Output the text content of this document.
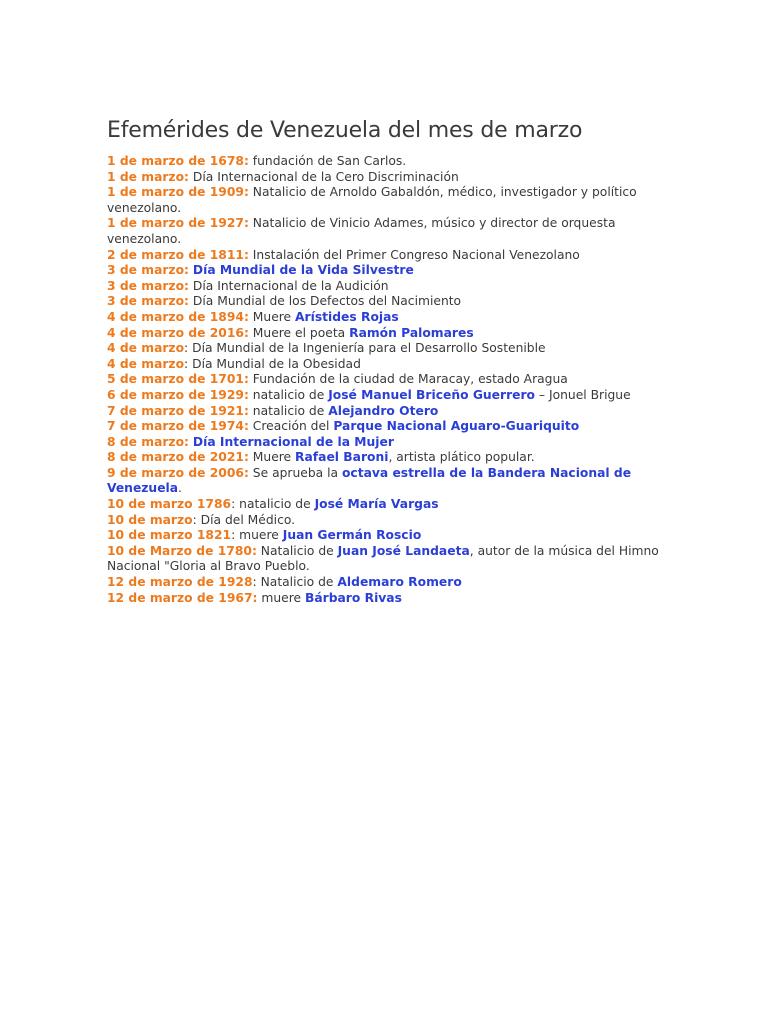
Efemérides de Venezuela del mes de marzo
1 de marzo de 1678: fundación de San Carlos.
1 de marzo: Día Internacional de la Cero Discriminación
1 de marzo de 1909: Natalicio de Arnoldo Gabaldón, médico, investigador y político venezolano.
1 de marzo de 1927: Natalicio de Vinicio Adames, músico y director de orquesta venezolano.
2 de marzo de 1811: Instalación del Primer Congreso Nacional Venezolano
3 de marzo: Día Mundial de la Vida Silvestre
3 de marzo: Día Internacional de la Audición
3 de marzo: Día Mundial de los Defectos del Nacimiento
4 de marzo de 1894: Muere Arístides Rojas
4 de marzo de 2016: Muere el poeta Ramón Palomares
4 de marzo: Día Mundial de la Ingeniería para el Desarrollo Sostenible
4 de marzo: Día Mundial de la Obesidad
5 de marzo de 1701: Fundación de la ciudad de Maracay, estado Aragua
6 de marzo de 1929: natalicio de José Manuel Briceño Guerrero – Jonuel Brigue
7 de marzo de 1921: natalicio de Alejandro Otero
7 de marzo de 1974: Creación del Parque Nacional Aguaro-Guariquito
8 de marzo: Día Internacional de la Mujer
8 de marzo de 2021: Muere Rafael Baroni, artista plático popular.
9 de marzo de 2006: Se aprueba la octava estrella de la Bandera Nacional de Venezuela.
10 de marzo 1786: natalicio de José María Vargas
10 de marzo: Día del Médico.
10 de marzo 1821: muere Juan Germán Roscio
10 de Marzo de 1780: Natalicio de Juan José Landaeta, autor de la música del Himno Nacional "Gloria al Bravo Pueblo.
12 de marzo de 1928: Natalicio de Aldemaro Romero
12 de marzo de 1967: muere Bárbaro Rivas
